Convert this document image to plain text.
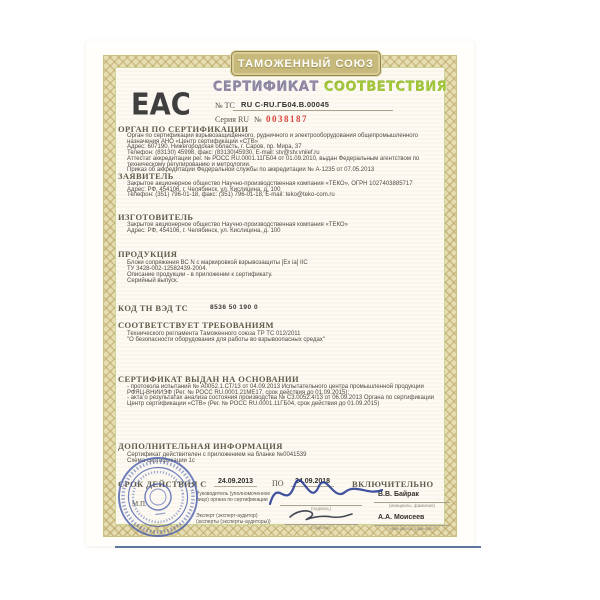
ТАМОЖЕННЫЙ СОЮЗ
ЕАС
СЕРТИФИКАТ СООТВЕТСТВИЯ
№ ТС RU C-RU.ГБ04.В.00045
Серия RU № 0038187
ОРГАН ПО СЕРТИФИКАЦИИ
Орган по сертификации взрывозащищенного, рудничного и электрооборудования общепромышленного назначения АНО «Центр сертификации «СТВ»
Адрес: 607190, Нижегородская область, г. Саров, пр. Мира, 37
Телефон: (83130) 45998, факс: (83130)45930, E-mail: stv@stv.vniief.ru
Аттестат аккредитации рег. № РОСС RU.0001.11ГБ04 от 01.09.2010, выдан Федеральным агентством по техническому регулированию и метрологии.
Приказ об аккредитации Федеральной службы по аккредитации № А-1235 от 07.05.2013
ЗАЯВИТЕЛЬ
Закрытое акционерное общество Научно-производственная компания «ТЕКО», ОГРН 1027403885717
Адрес: РФ, 454106, г. Челябинск, ул. Кислицина, д. 100
Телефон: (351) 796-01-18, факс: (351) 796-01-18, E-mail: teko@teko-com.ru
ИЗГОТОВИТЕЛЬ
Закрытое акционерное общество Научно-производственная компания «ТЕКО»
Адрес: РФ, 454106, г. Челябинск, ул. Кислицина, д. 100
ПРОДУКЦИЯ
Блоки сопряжения ВС N с маркировкой взрывозащиты [Ex ia] IIC
ТУ 3428-002-12582439-2004.
Описание продукции - в приложении к сертификату.
Серийный выпуск.
КОД ТН ВЭД ТС	8536 50 190 0
СООТВЕТСТВУЕТ ТРЕБОВАНИЯМ
Технического регламента Таможенного союза ТР ТС 012/2011
"О безопасности оборудования для работы во взрывоопасных средах"
СЕРТИФИКАТ ВЫДАН НА ОСНОВАНИИ
- протокола испытаний № А0052.1.СТ/13 от 04.09.2013 Испытательного центра промышленной продукции РФЯЦ-ВНИИЭФ (Рег. № РОСС RU.0001.21МЕ17, срок действия до 01.09.2015);
- акта о результатах анализа состояния производства № С3.0052.4/13 от 06.09.2013 Органа по сертификации Центр сертификации «СТВ» (Рег. № РОСС RU.0001.11ГБ04, срок действия до 01.09.2015)
ДОПОЛНИТЕЛЬНАЯ ИНФОРМАЦИЯ
Сертификат действителен с приложением на бланке №0041539
Схема сертификации 1с
СРОК ДЕЙСТВИЯ С	24.09.2013	ПО	24.09.2018	ВКЛЮЧИТЕЛЬНО
М.П.
Руководитель (уполномоченное
лицо) органа по сертификации
Эксперт (эксперт-аудитор)
(эксперты (эксперты-аудиторы))
(подпись)
(подпись)
В.В. Байрак
(инициалы, фамилия)
А.А. Моисеев
(инициалы, фамилия)
